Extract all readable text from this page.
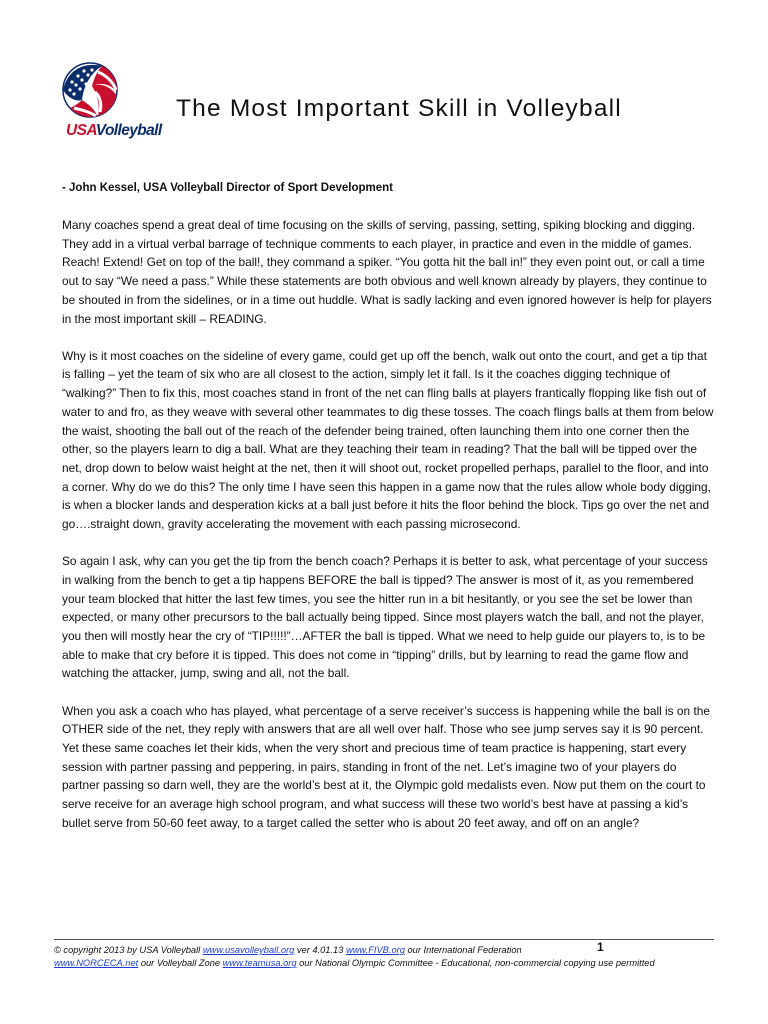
USAVolleyball
The Most Important Skill in Volleyball
- John Kessel, USA Volleyball Director of Sport Development

Many coaches spend a great deal of time focusing on the skills of serving, passing, setting, spiking blocking and digging. They add in a virtual verbal barrage of technique comments to each player, in practice and even in the middle of games. Reach! Extend! Get on top of the ball!, they command a spiker. “You gotta hit the ball in!” they even point out, or call a time out to say “We need a pass.” While these statements are both obvious and well known already by players, they continue to be shouted in from the sidelines, or in a time out huddle. What is sadly lacking and even ignored however is help for players in the most important skill – READING.

Why is it most coaches on the sideline of every game, could get up off the bench, walk out onto the court, and get a tip that is falling – yet the team of six who are all closest to the action, simply let it fall. Is it the coaches digging technique of “walking?” Then to fix this, most coaches stand in front of the net can fling balls at players frantically flopping like fish out of water to and fro, as they weave with several other teammates to dig these tosses. The coach flings balls at them from below the waist, shooting the ball out of the reach of the defender being trained, often launching them into one corner then the other, so the players learn to dig a ball. What are they teaching their team in reading? That the ball will be tipped over the net, drop down to below waist height at the net, then it will shoot out, rocket propelled perhaps, parallel to the floor, and into a corner. Why do we do this? The only time I have seen this happen in a game now that the rules allow whole body digging, is when a blocker lands and desperation kicks at a ball just before it hits the floor behind the block. Tips go over the net and go….straight down, gravity accelerating the movement with each passing microsecond.

So again I ask, why can you get the tip from the bench coach? Perhaps it is better to ask, what percentage of your success in walking from the bench to get a tip happens BEFORE the ball is tipped? The answer is most of it, as you remembered your team blocked that hitter the last few times, you see the hitter run in a bit hesitantly, or you see the set be lower than expected, or many other precursors to the ball actually being tipped. Since most players watch the ball, and not the player, you then will mostly hear the cry of “TIP!!!!!”…AFTER the ball is tipped. What we need to help guide our players to, is to be able to make that cry before it is tipped. This does not come in “tipping” drills, but by learning to read the game flow and watching the attacker, jump, swing and all, not the ball.

When you ask a coach who has played, what percentage of a serve receiver’s success is happening while the ball is on the OTHER side of the net, they reply with answers that are all well over half. Those who see jump serves say it is 90 percent. Yet these same coaches let their kids, when the very short and precious time of team practice is happening, start every session with partner passing and peppering, in pairs, standing in front of the net. Let’s imagine two of your players do partner passing so darn well, they are the world’s best at it, the Olympic gold medalists even. Now put them on the court to serve receive for an average high school program, and what success will these two world’s best have at passing a kid’s bullet serve from 50-60 feet away, to a target called the setter who is about 20 feet away, and off on an angle?

© copyright 2013 by USA Volleyball www.usavolleyball.org ver 4.01.13 www.FIVB.org our International Federation
www.NORCECA.net our Volleyball Zone www.teamusa.org our National Olympic Committee - Educational, non-commercial copying use permitted
1
